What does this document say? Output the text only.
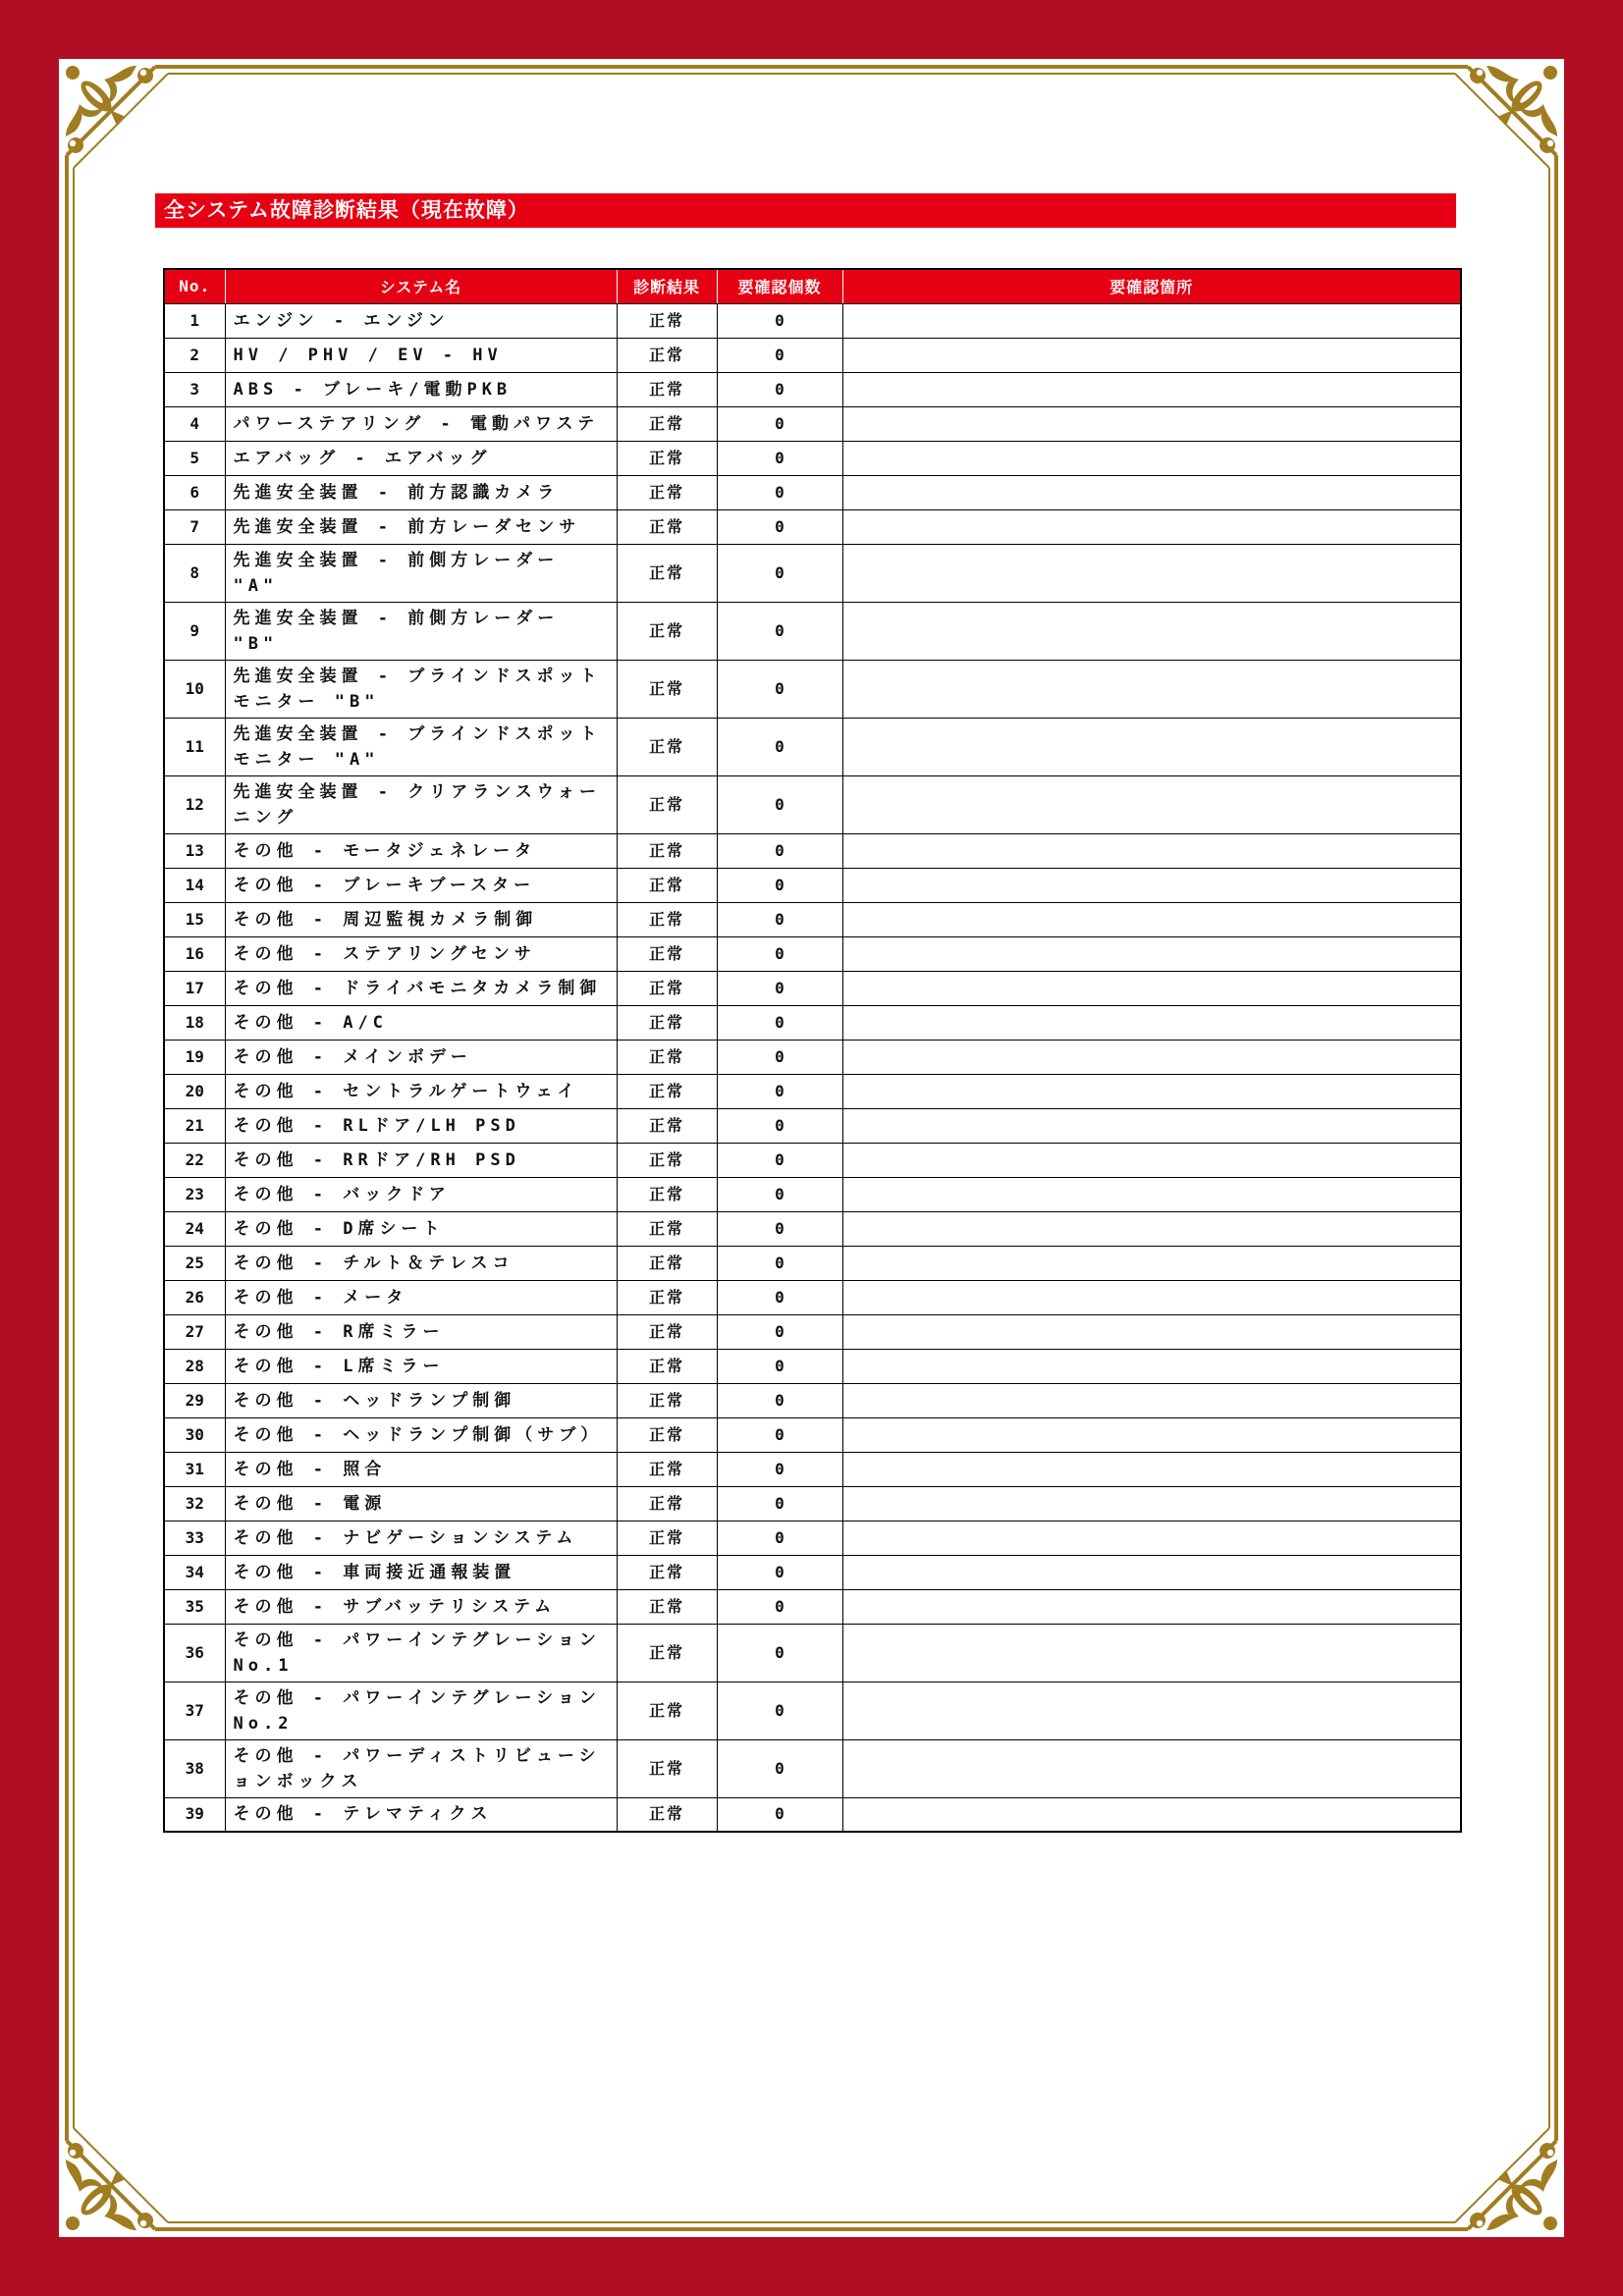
全システム故障診断結果（現在故障）
No.	システム名	診断結果	要確認個数	要確認箇所
1	エンジン - エンジン	正常	0	
2	HV / PHV / EV - HV	正常	0	
3	ABS - ブレーキ/電動PKB	正常	0	
4	パワーステアリング - 電動パワステ	正常	0	
5	エアバッグ - エアバッグ	正常	0	
6	先進安全装置 - 前方認識カメラ	正常	0	
7	先進安全装置 - 前方レーダセンサ	正常	0	
8	先進安全装置 - 前側方レーダー "A"	正常	0	
9	先進安全装置 - 前側方レーダー "B"	正常	0	
10	先進安全装置 - ブラインドスポットモニター "B"	正常	0	
11	先進安全装置 - ブラインドスポットモニター "A"	正常	0	
12	先進安全装置 - クリアランスウォーニング	正常	0	
13	その他 - モータジェネレータ	正常	0	
14	その他 - ブレーキブースター	正常	0	
15	その他 - 周辺監視カメラ制御	正常	0	
16	その他 - ステアリングセンサ	正常	0	
17	その他 - ドライバモニタカメラ制御	正常	0	
18	その他 - A/C	正常	0	
19	その他 - メインボデー	正常	0	
20	その他 - セントラルゲートウェイ	正常	0	
21	その他 - RLドア/LH PSD	正常	0	
22	その他 - RRドア/RH PSD	正常	0	
23	その他 - バックドア	正常	0	
24	その他 - D席シート	正常	0	
25	その他 - チルト＆テレスコ	正常	0	
26	その他 - メータ	正常	0	
27	その他 - R席ミラー	正常	0	
28	その他 - L席ミラー	正常	0	
29	その他 - ヘッドランプ制御	正常	0	
30	その他 - ヘッドランプ制御（サブ）	正常	0	
31	その他 - 照合	正常	0	
32	その他 - 電源	正常	0	
33	その他 - ナビゲーションシステム	正常	0	
34	その他 - 車両接近通報装置	正常	0	
35	その他 - サブバッテリシステム	正常	0	
36	その他 - パワーインテグレーション No.1	正常	0	
37	その他 - パワーインテグレーション No.2	正常	0	
38	その他 - パワーディストリビューションボックス	正常	0	
39	その他 - テレマティクス	正常	0	
